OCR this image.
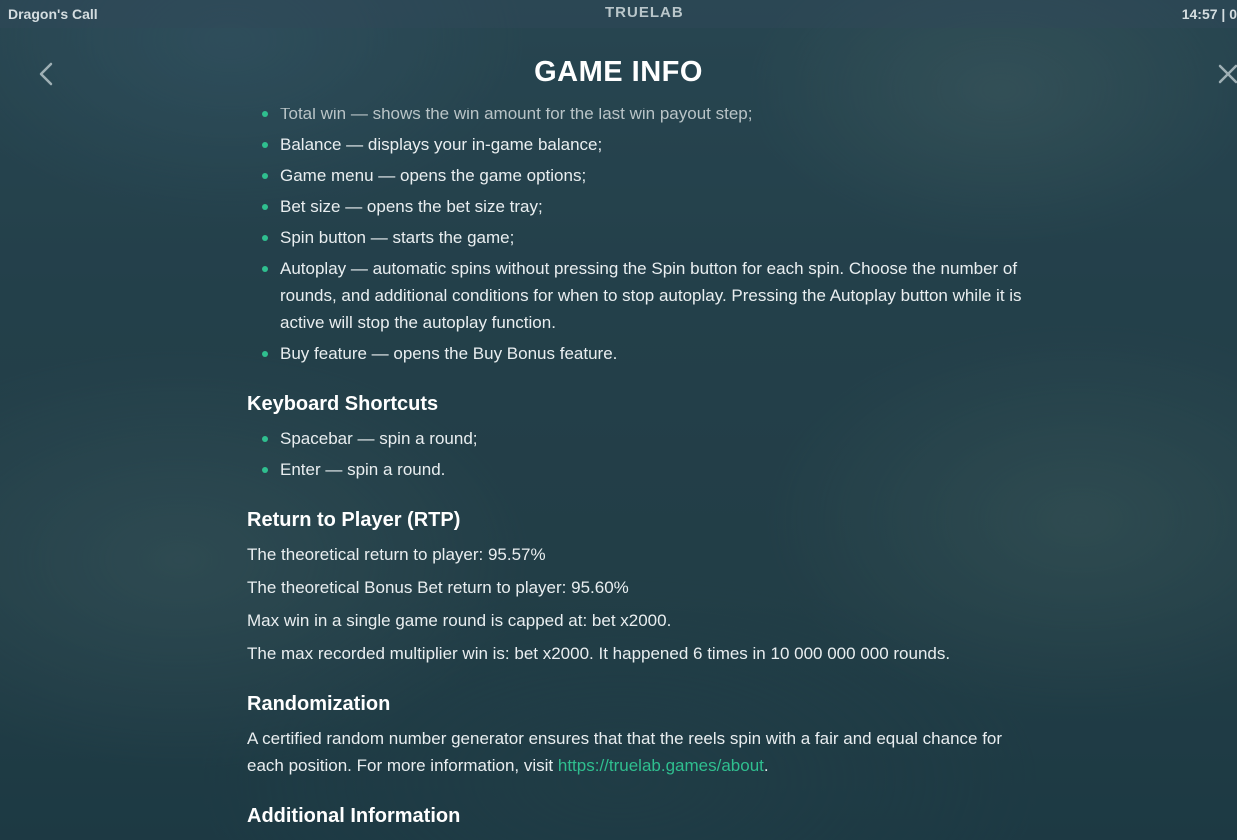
Dragon's Call	TRUELAB	14:57 | 0
GAME INFO
Total win — shows the win amount for the last win payout step;
Balance — displays your in-game balance;
Game menu — opens the game options;
Bet size — opens the bet size tray;
Spin button — starts the game;
Autoplay — automatic spins without pressing the Spin button for each spin. Choose the number of rounds, and additional conditions for when to stop autoplay. Pressing the Autoplay button while it is active will stop the autoplay function.
Buy feature — opens the Buy Bonus feature.
Keyboard Shortcuts
Spacebar — spin a round;
Enter — spin a round.
Return to Player (RTP)

The theoretical return to player: 95.57%

The theoretical Bonus Bet return to player: 95.60%

Max win in a single game round is capped at: bet x2000.

The max recorded multiplier win is: bet x2000. It happened 6 times in 10 000 000 000 rounds.

Randomization

A certified random number generator ensures that that the reels spin with a fair and equal chance for each position. For more information, visit https://truelab.games/about.

Additional Information
